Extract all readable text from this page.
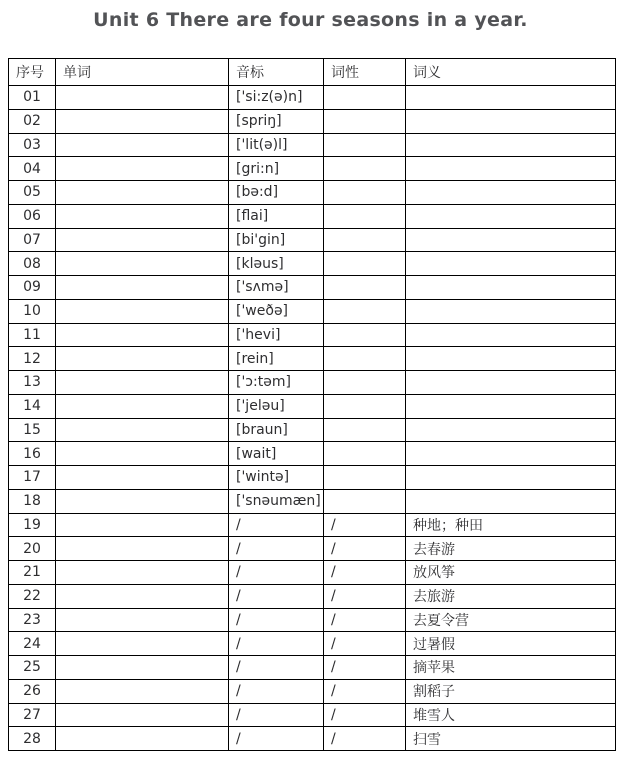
Unit 6 There are four seasons in a year.
序号	单词	音标	词性	词义
01		['si:z(ə)n]		
02		[spriŋ]		
03		['lit(ə)l]		
04		[gri:n]		
05		[bə:d]		
06		[flai]		
07		[bi'gin]		
08		[kləus]		
09		['sʌmə]		
10		['weðə]		
11		['hevi]		
12		[rein]		
13		['ɔ:təm]		
14		['jeləu]		
15		[braun]		
16		[wait]		
17		['wintə]		
18		['snəumæn]		
19		/	/	种地；种田
20		/	/	去春游
21		/	/	放风筝
22		/	/	去旅游
23		/	/	去夏令营
24		/	/	过暑假
25		/	/	摘苹果
26		/	/	割稻子
27		/	/	堆雪人
28		/	/	扫雪
